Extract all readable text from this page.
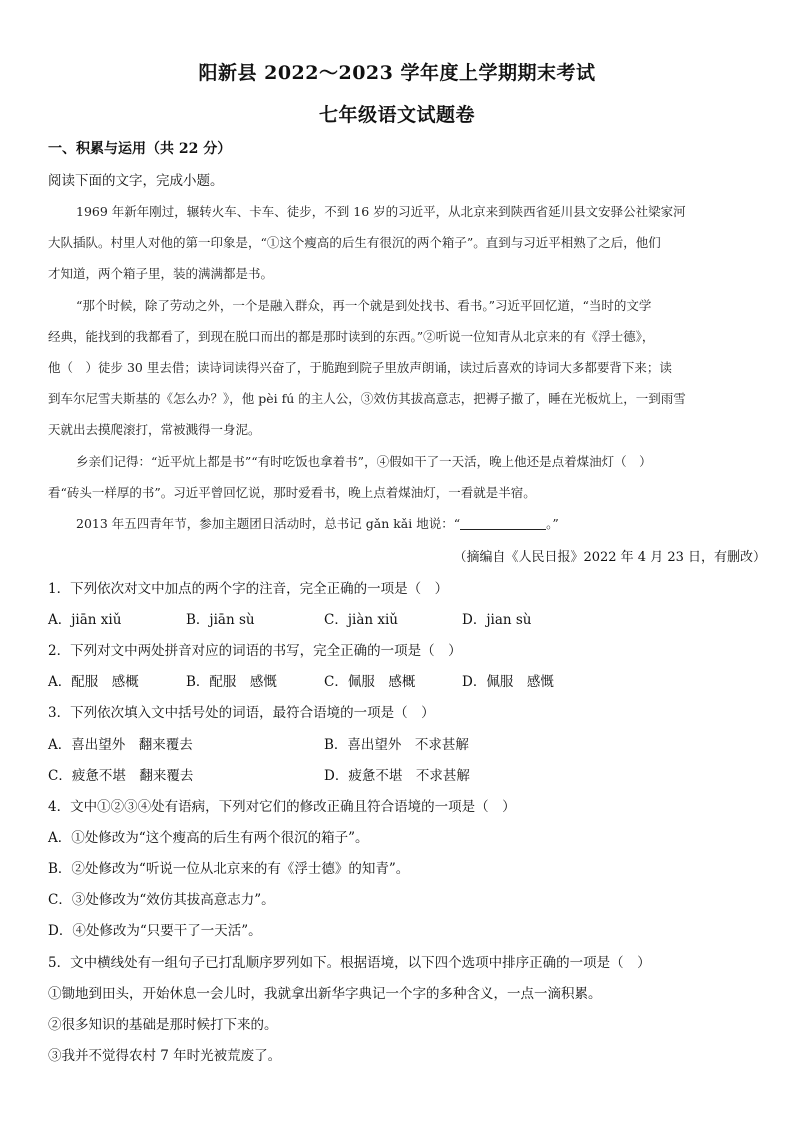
阳新县 2022～2023 学年度上学期期末考试
七年级语文试题卷
一、积累与运用（共 22 分）
阅读下面的文字，完成小题。
1969 年新年刚过，辗转火车、卡车、徒步，不到 16 岁的习近平，从北京来到陕西省延川县文安驿公社梁家河
大队插队。村里人对他的第一印象是，“①这个瘦高的后生有很沉的两个箱子”。直到与习近平相熟了之后，他们
才知道，两个箱子里，装的满满都是书。
“那个时候，除了劳动之外，一个是融入群众，再一个就是到处找书、看书。”习近平回忆道，“当时的文学
经典，能找到的我都看了，到现在脱口而出的都是那时读到的东西。”②听说一位知青从北京来的有《浮士德》，
他（　）徒步 30 里去借；读诗词读得兴奋了，于脆跑到院子里放声朗诵，读过后喜欢的诗词大多都要背下来；读
到车尔尼雪夫斯基的《怎么办？》，他 pèi fú 的主人公，③效仿其拔高意志，把褥子撤了，睡在光板炕上，一到雨雪
天就出去摸爬滚打，常被溅得一身泥。
乡亲们记得：“近平炕上都是书”“有时吃饭也拿着书”，④假如干了一天活，晚上他还是点着煤油灯（　）
看“砖头一样厚的书”。习近平曾回忆说，那时爱看书，晚上点着煤油灯，一看就是半宿。
2013 年五四青年节，参加主题团日活动时，总书记 gǎn kǎi 地说：“	。”
（摘编自《人民日报》2022 年 4 月 23 日，有删改）
1．下列依次对文中加点的两个字的注音，完全正确的一项是（　）
A．jiān xiǔ	B．jiān sù	C．jiàn xiǔ	D．jian sù
2．下列对文中两处拼音对应的词语的书写，完全正确的一项是（　）
A．配服　感概	B．配服　感慨	C．佩服　感概	D．佩服　感慨
3．下列依次填入文中括号处的词语，最符合语境的一项是（　）
A．喜出望外　翻来覆去	B．喜出望外　不求甚解
C．疲惫不堪　翻来覆去	D．疲惫不堪　不求甚解
4．文中①②③④处有语病，下列对它们的修改正确且符合语境的一项是（　）
A．①处修改为“这个瘦高的后生有两个很沉的箱子”。
B．②处修改为“听说一位从北京来的有《浮士德》的知青”。
C．③处修改为“效仿其拔高意志力”。
D．④处修改为“只要干了一天活”。
5．文中横线处有一组句子已打乱顺序罗列如下。根据语境，以下四个选项中排序正确的一项是（　）
①锄地到田头，开始休息一会儿时，我就拿出新华字典记一个字的多种含义，一点一滴积累。
②很多知识的基础是那时候打下来的。
③我并不觉得农村 7 年时光被荒废了。
